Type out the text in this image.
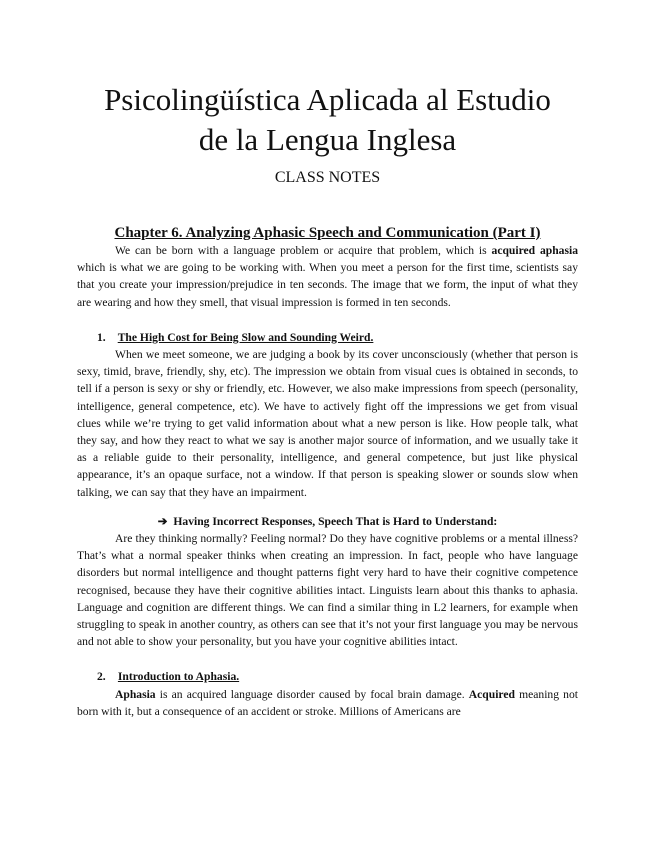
Psicolingüística Aplicada al Estudio
de la Lengua Inglesa
CLASS NOTES
Chapter 6. Analyzing Aphasic Speech and Communication (Part I)

We can be born with a language problem or acquire that problem, which is acquired aphasia which is what we are going to be working with. When you meet a person for the first time, scientists say that you create your impression/prejudice in ten seconds. The image that we form, the input of what they are wearing and how they smell, that visual impression is formed in ten seconds.

1. The High Cost for Being Slow and Sounding Weird.

When we meet someone, we are judging a book by its cover unconsciously (whether that person is sexy, timid, brave, friendly, shy, etc). The impression we obtain from visual cues is obtained in seconds, to tell if a person is sexy or shy or friendly, etc. However, we also make impressions from speech (personality, intelligence, general competence, etc). We have to actively fight off the impressions we get from visual clues while we’re trying to get valid information about what a new person is like. How people talk, what they say, and how they react to what we say is another major source of information, and we usually take it as a reliable guide to their personality, intelligence, and general competence, but just like physical appearance, it’s an opaque surface, not a window. If that person is speaking slower or sounds slow when talking, we can say that they have an impairment.

➔ Having Incorrect Responses, Speech That is Hard to Understand:

Are they thinking normally? Feeling normal? Do they have cognitive problems or a mental illness? That’s what a normal speaker thinks when creating an impression. In fact, people who have language disorders but normal intelligence and thought patterns fight very hard to have their cognitive competence recognised, because they have their cognitive abilities intact. Linguists learn about this thanks to aphasia. Language and cognition are different things. We can find a similar thing in L2 learners, for example when struggling to speak in another country, as others can see that it’s not your first language you may be nervous and not able to show your personality, but you have your cognitive abilities intact.

2. Introduction to Aphasia.

Aphasia is an acquired language disorder caused by focal brain damage. Acquired meaning not born with it, but a consequence of an accident or stroke. Millions of Americans are
